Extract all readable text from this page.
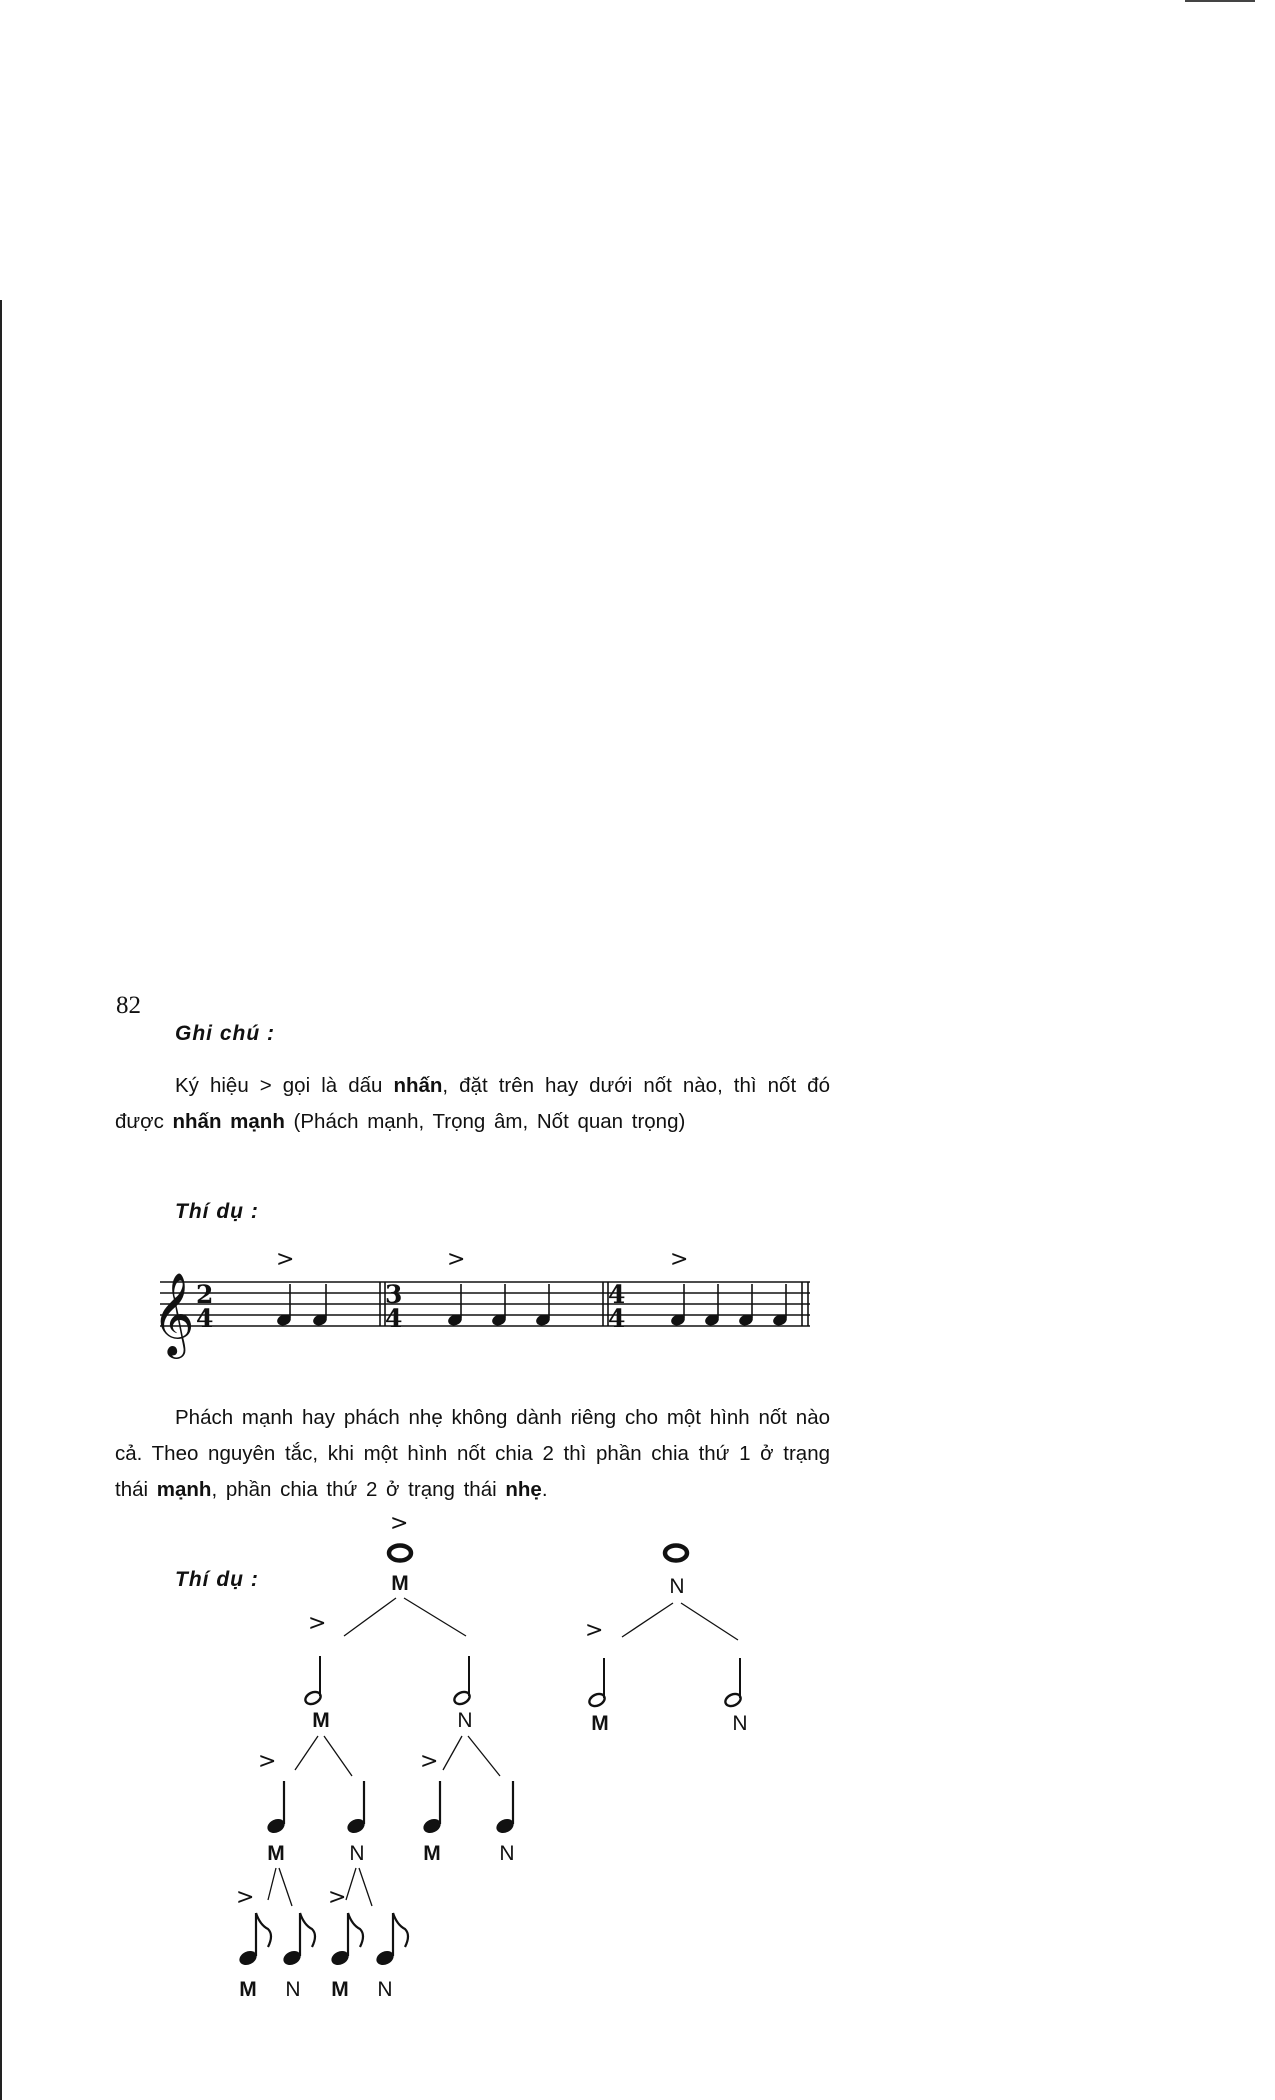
82
Ghi chú :
Ký hiệu > gọi là dấu nhấn, đặt trên hay dưới nốt nào, thì nốt đó được nhấn mạnh (Phách mạnh, Trọng âm, Nốt quan trọng)
Thí dụ :
𝄞 2
4
>
3
4
>
4
4
>
Phách mạnh hay phách nhẹ không dành riêng cho một hình nốt nào cả. Theo nguyên tắc, khi một hình nốt chia 2 thì phần chia thứ 1 ở trạng thái mạnh, phần chia thứ 2 ở trạng thái nhẹ.
Thí dụ :
>
M
>
M	N
>
M	N
>
M	N
>	>
M N M N
N
>
M	N
